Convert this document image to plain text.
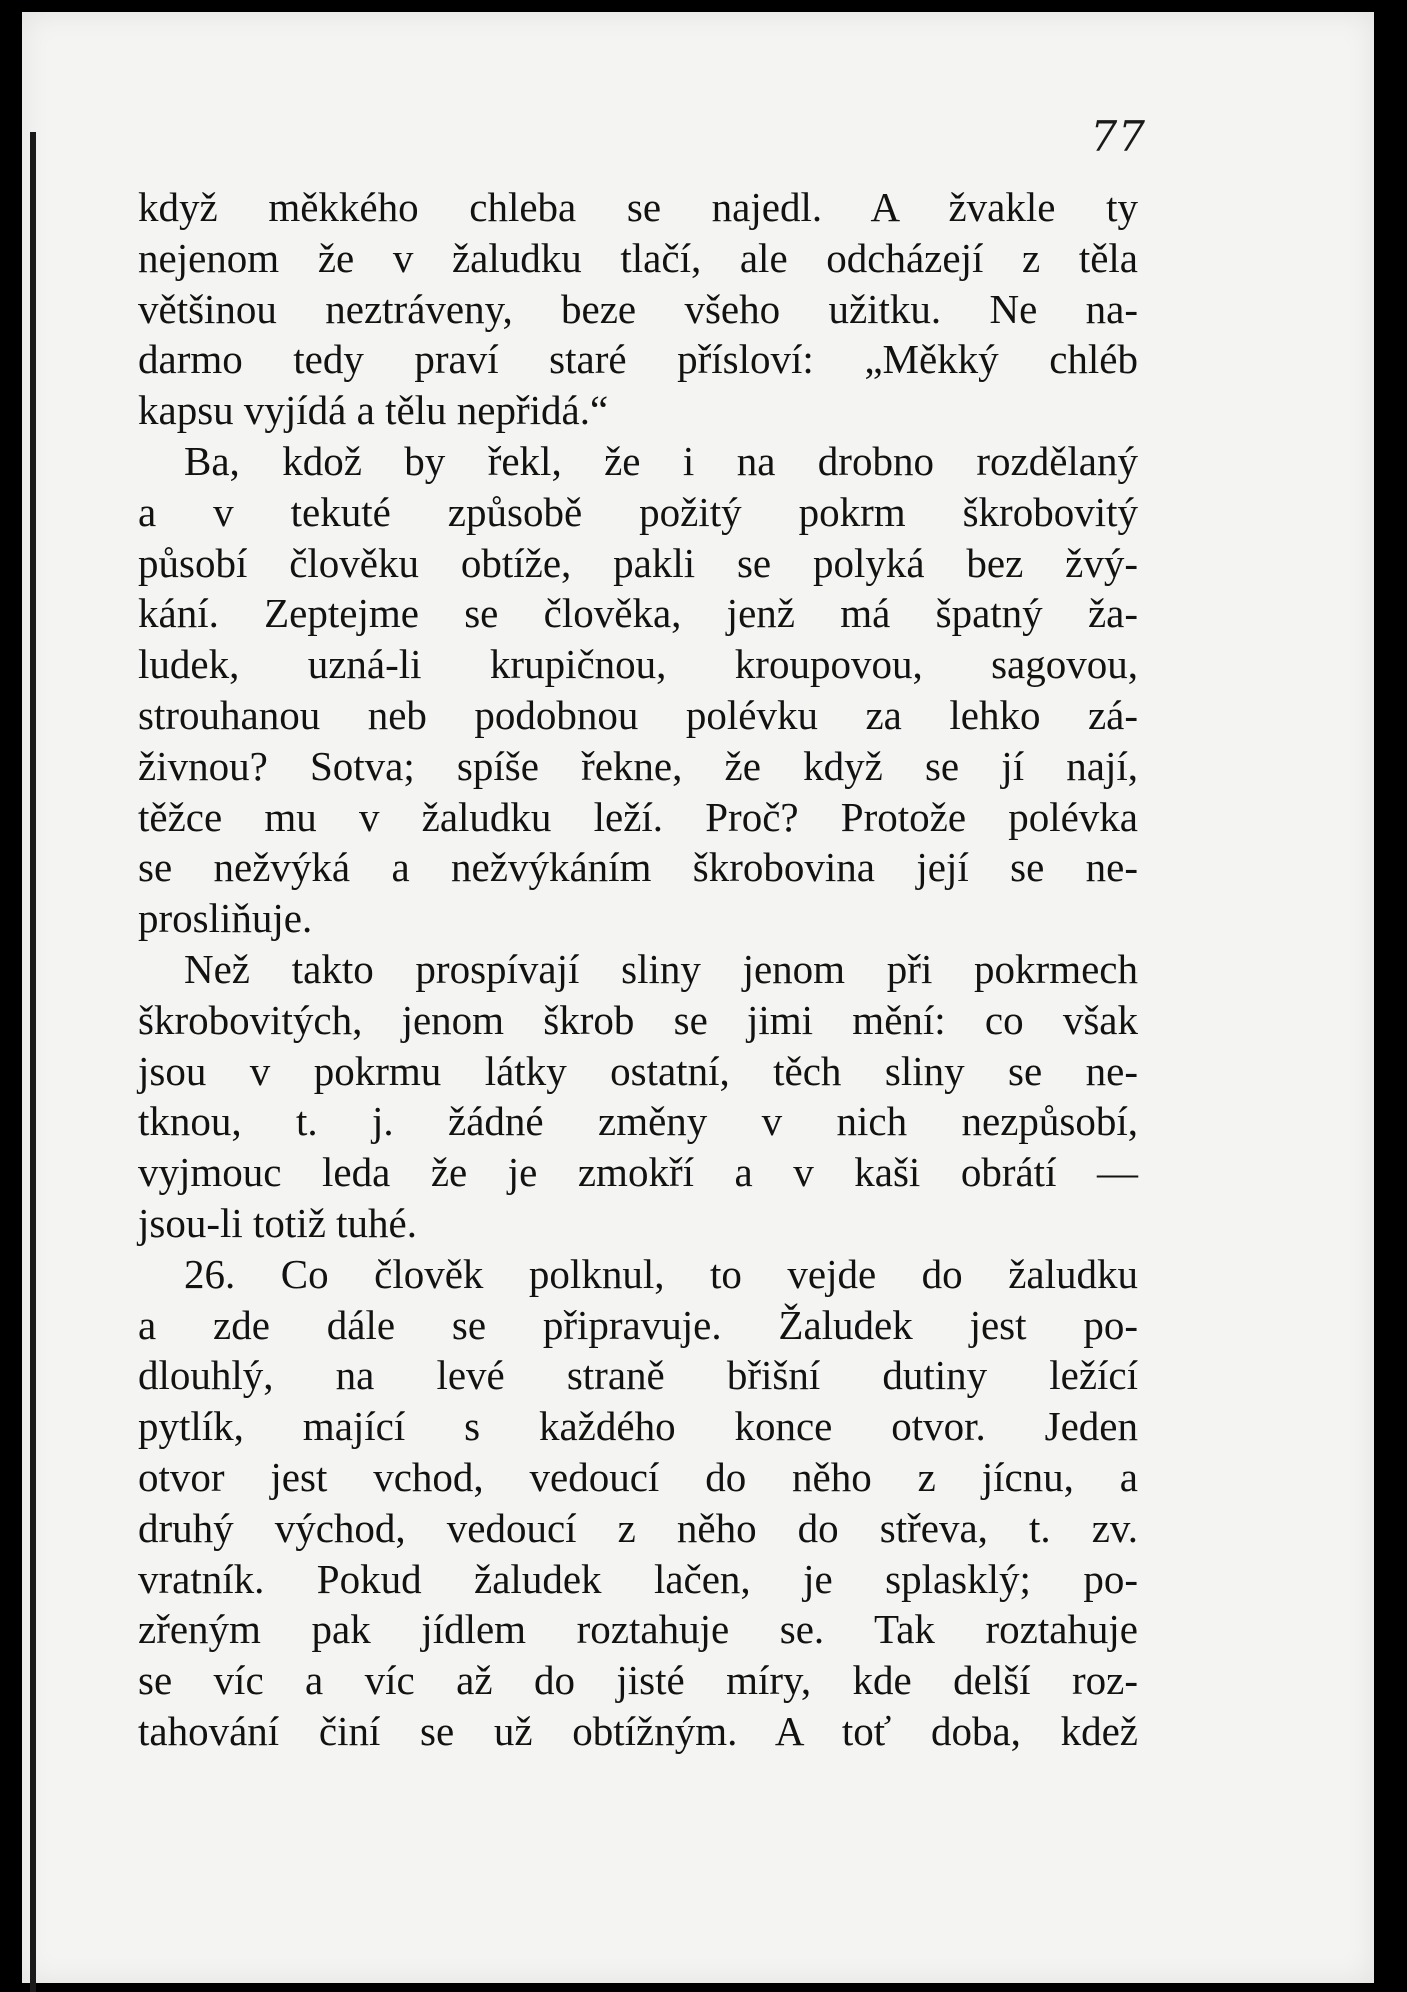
77

když měkkého chleba se najedl. A žvakle ty
nejenom že v žaludku tlačí, ale odcházejí z těla
většinou neztráveny, beze všeho užitku. Ne na-
darmo tedy praví staré přísloví: „Měkký chléb
kapsu vyjídá a tělu nepřidá.“

Ba, kdož by řekl, že i na drobno rozdělaný
a v tekuté způsobě požitý pokrm škrobovitý
působí člověku obtíže, pakli se polyká bez žvý-
kání. Zeptejme se člověka, jenž má špatný ža-
ludek, uzná-li krupičnou, kroupovou, sagovou,
strouhanou neb podobnou polévku za lehko zá-
živnou? Sotva; spíše řekne, že když se jí nají,
těžce mu v žaludku leží. Proč? Protože polévka
se nežvýká a nežvýkáním škrobovina její se ne-
prosliňuje.

Než takto prospívají sliny jenom při pokrmech
škrobovitých, jenom škrob se jimi mění: co však
jsou v pokrmu látky ostatní, těch sliny se ne-
tknou, t. j. žádné změny v nich nezpůsobí,
vyjmouc leda že je zmokří a v kaši obrátí —
jsou-li totiž tuhé.

26. Co člověk polknul, to vejde do žaludku
a zde dále se připravuje. Žaludek jest po-
dlouhlý, na levé straně břišní dutiny ležící
pytlík, mající s každého konce otvor. Jeden
otvor jest vchod, vedoucí do něho z jícnu, a
druhý východ, vedoucí z něho do střeva, t. zv.
vratník. Pokud žaludek lačen, je splasklý; po-
zřeným pak jídlem roztahuje se. Tak roztahuje
se víc a víc až do jisté míry, kde delší roz-
tahování činí se už obtížným. A toť doba, kdež
